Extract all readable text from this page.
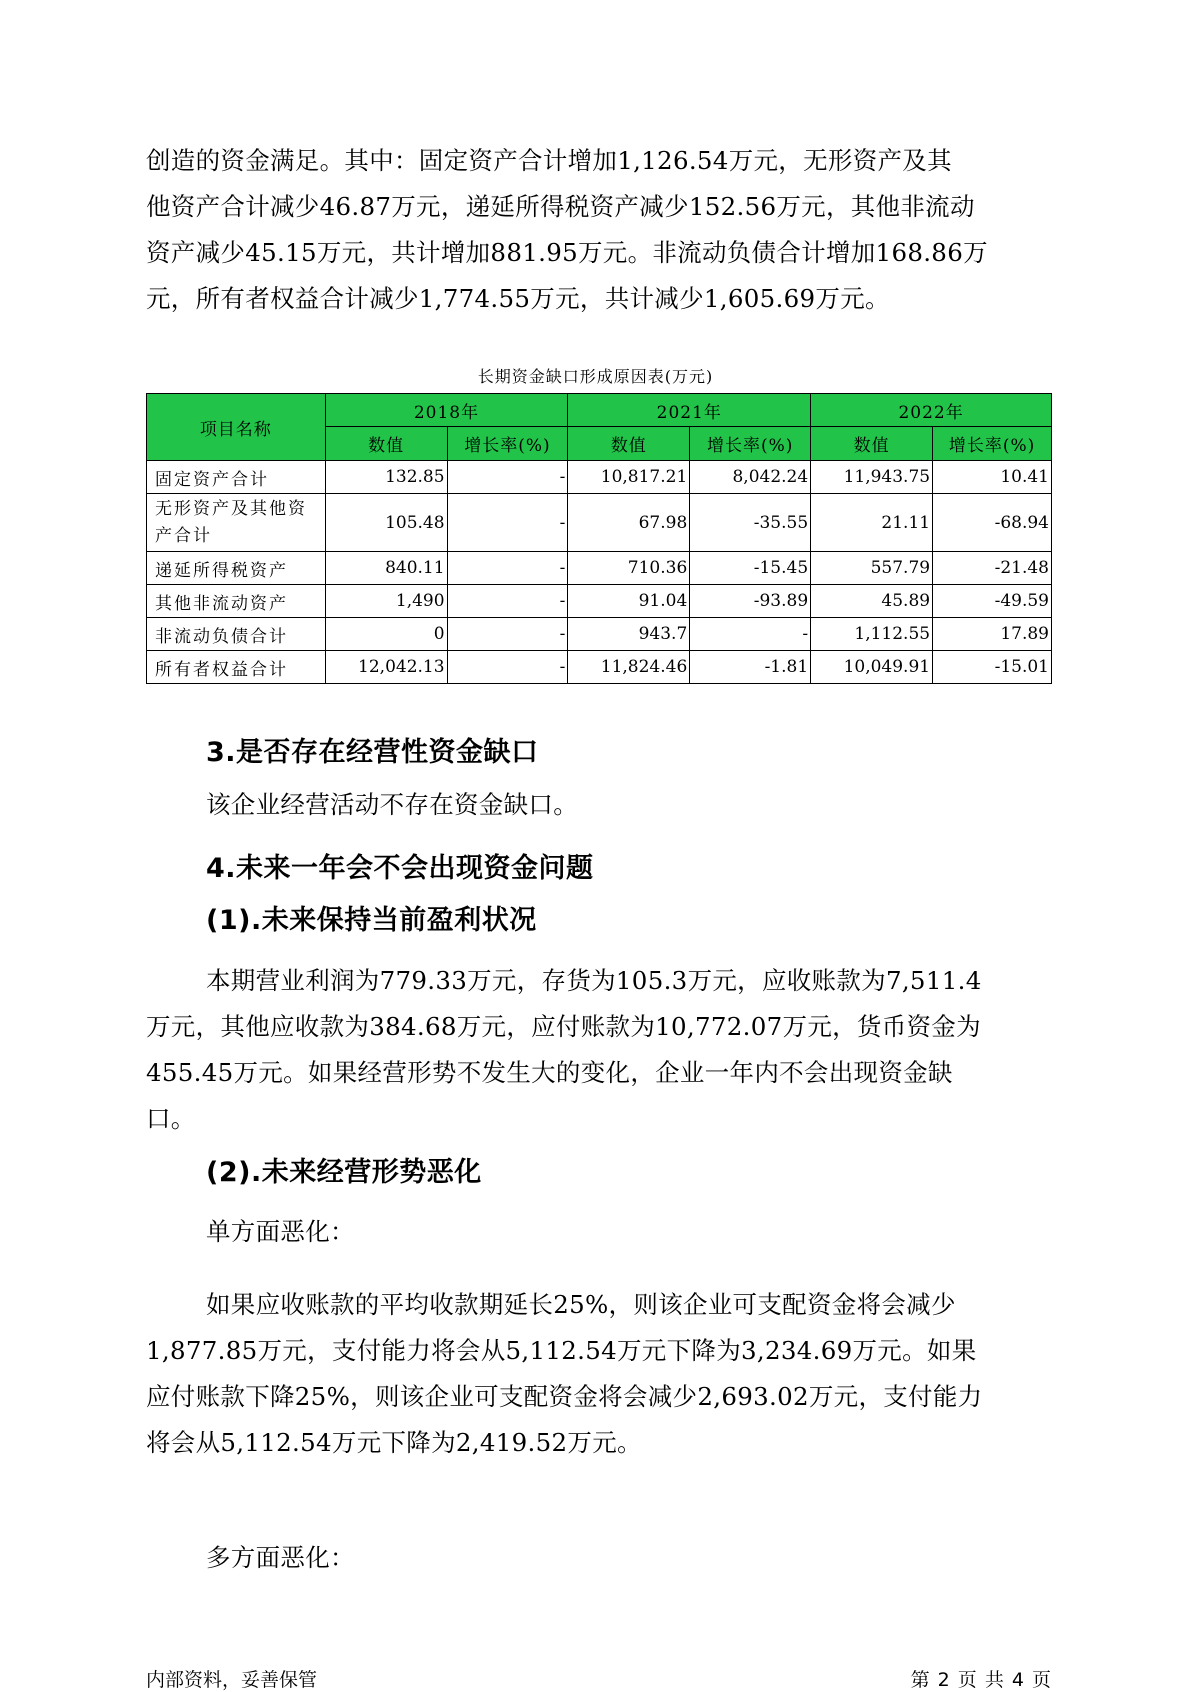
创造的资金满足。其中：固定资产合计增加1,126.54万元，无形资产及其
他资产合计减少46.87万元，递延所得税资产减少152.56万元，其他非流动
资产减少45.15万元，共计增加881.95万元。非流动负债合计增加168.86万
元，所有者权益合计减少1,774.55万元，共计减少1,605.69万元。

长期资金缺口形成原因表(万元)
项目名称	2018年		2021年		2022年	
	数值	增长率(%)	数值	增长率(%)	数值	增长率(%)
固定资产合计	132.85	-	10,817.21	8,042.24	11,943.75	10.41
无形资产及其他资产合计	105.48	-	67.98	-35.55	21.11	-68.94
递延所得税资产	840.11	-	710.36	-15.45	557.79	-21.48
其他非流动资产	1,490	-	91.04	-93.89	45.89	-49.59
非流动负债合计	0	-	943.7	-	1,112.55	17.89
所有者权益合计	12,042.13	-	11,824.46	-1.81	10,049.91	-15.01
3.是否存在经营性资金缺口

该企业经营活动不存在资金缺口。

4.未来一年会不会出现资金问题
(1).未来保持当前盈利状况

本期营业利润为779.33万元，存货为105.3万元，应收账款为7,511.4
万元，其他应收款为384.68万元，应付账款为10,772.07万元，货币资金为
455.45万元。如果经营形势不发生大的变化，企业一年内不会出现资金缺
口。

(2).未来经营形势恶化

单方面恶化：

如果应收账款的平均收款期延长25%，则该企业可支配资金将会减少
1,877.85万元，支付能力将会从5,112.54万元下降为3,234.69万元。如果
应付账款下降25%，则该企业可支配资金将会减少2,693.02万元，支付能力
将会从5,112.54万元下降为2,419.52万元。

多方面恶化：

内部资料，妥善保管	第 2 页 共 4 页
